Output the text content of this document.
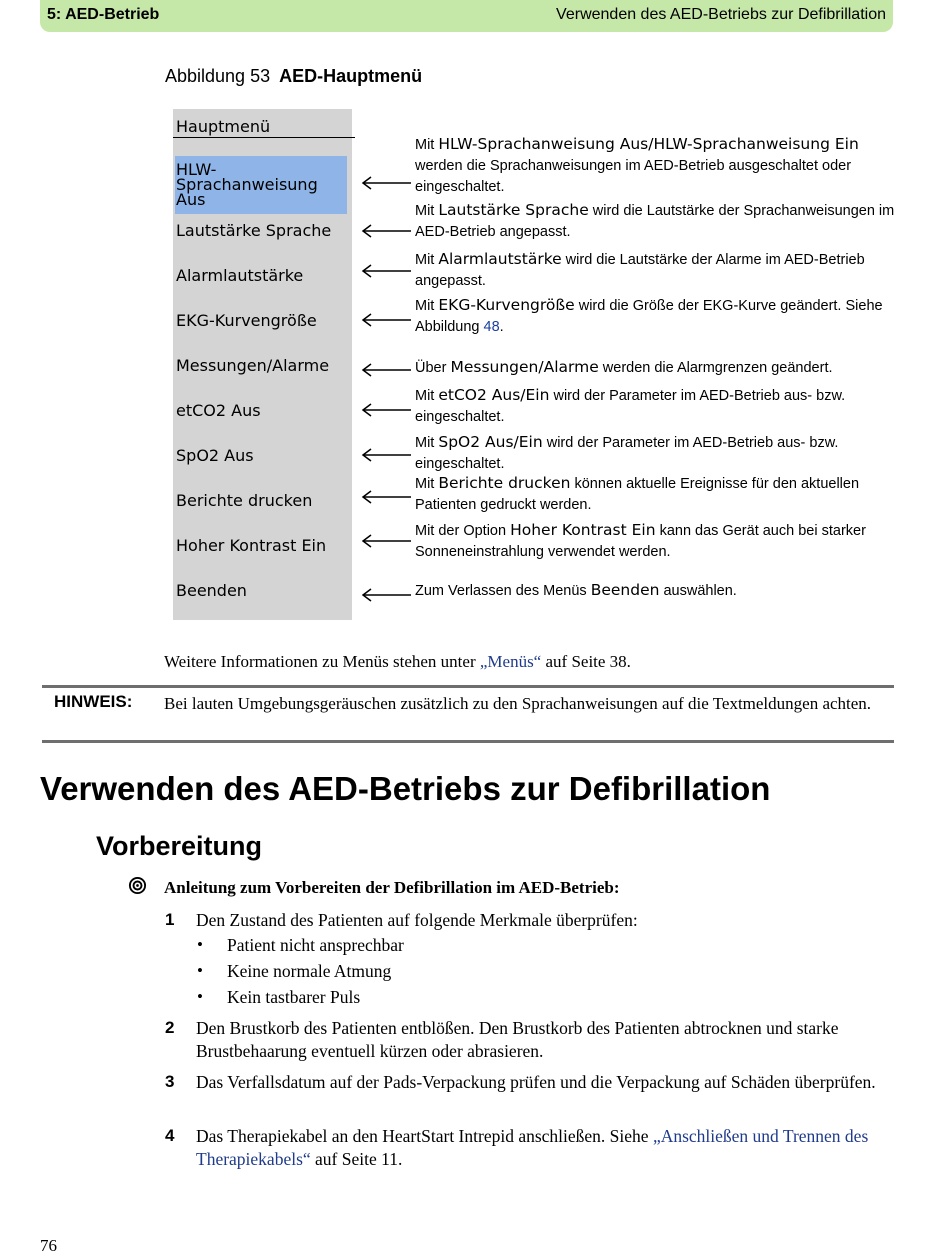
5: AED-Betrieb	Verwenden des AED-Betriebs zur Defibrillation
Abbildung 53 AED-Hauptmenü
Hauptmenü
HLW-
Sprachanweisung Aus
Lautstärke Sprache
Alarmlautstärke
EKG-Kurvengröße
Messungen/Alarme
etCO2 Aus
SpO2 Aus
Berichte drucken
Hoher Kontrast Ein
Beenden
Mit HLW-Sprachanweisung Aus/HLW-Sprachanweisung Ein werden die Sprachanweisungen im AED-Betrieb ausgeschaltet oder eingeschaltet.
Mit Lautstärke Sprache wird die Lautstärke der Sprachanweisungen im AED-Betrieb angepasst.
Mit Alarmlautstärke wird die Lautstärke der Alarme im AED-Betrieb angepasst.
Mit EKG-Kurvengröße wird die Größe der EKG-Kurve geändert. Siehe Abbildung 48.
Über Messungen/Alarme werden die Alarmgrenzen geändert.
Mit etCO2 Aus/Ein wird der Parameter im AED-Betrieb aus- bzw. eingeschaltet.
Mit SpO2 Aus/Ein wird der Parameter im AED-Betrieb aus- bzw. eingeschaltet.
Mit Berichte drucken können aktuelle Ereignisse für den aktuellen Patienten gedruckt werden.
Mit der Option Hoher Kontrast Ein kann das Gerät auch bei starker Sonneneinstrahlung verwendet werden.
Zum Verlassen des Menüs Beenden auswählen.
Weitere Informationen zu Menüs stehen unter „Menüs“ auf Seite 38.
HINWEIS: Bei lauten Umgebungsgeräuschen zusätzlich zu den Sprachanweisungen auf die Textmeldungen achten.
Verwenden des AED-Betriebs zur Defibrillation
Vorbereitung
Anleitung zum Vorbereiten der Defibrillation im AED-Betrieb:
1 Den Zustand des Patienten auf folgende Merkmale überprüfen:
• Patient nicht ansprechbar
• Keine normale Atmung
• Kein tastbarer Puls
2 Den Brustkorb des Patienten entblößen. Den Brustkorb des Patienten abtrocknen und starke Brustbehaarung eventuell kürzen oder abrasieren.
3 Das Verfallsdatum auf der Pads-Verpackung prüfen und die Verpackung auf Schäden überprüfen.
4 Das Therapiekabel an den HeartStart Intrepid anschließen. Siehe „Anschließen und Trennen des Therapiekabels“ auf Seite 11.
76
